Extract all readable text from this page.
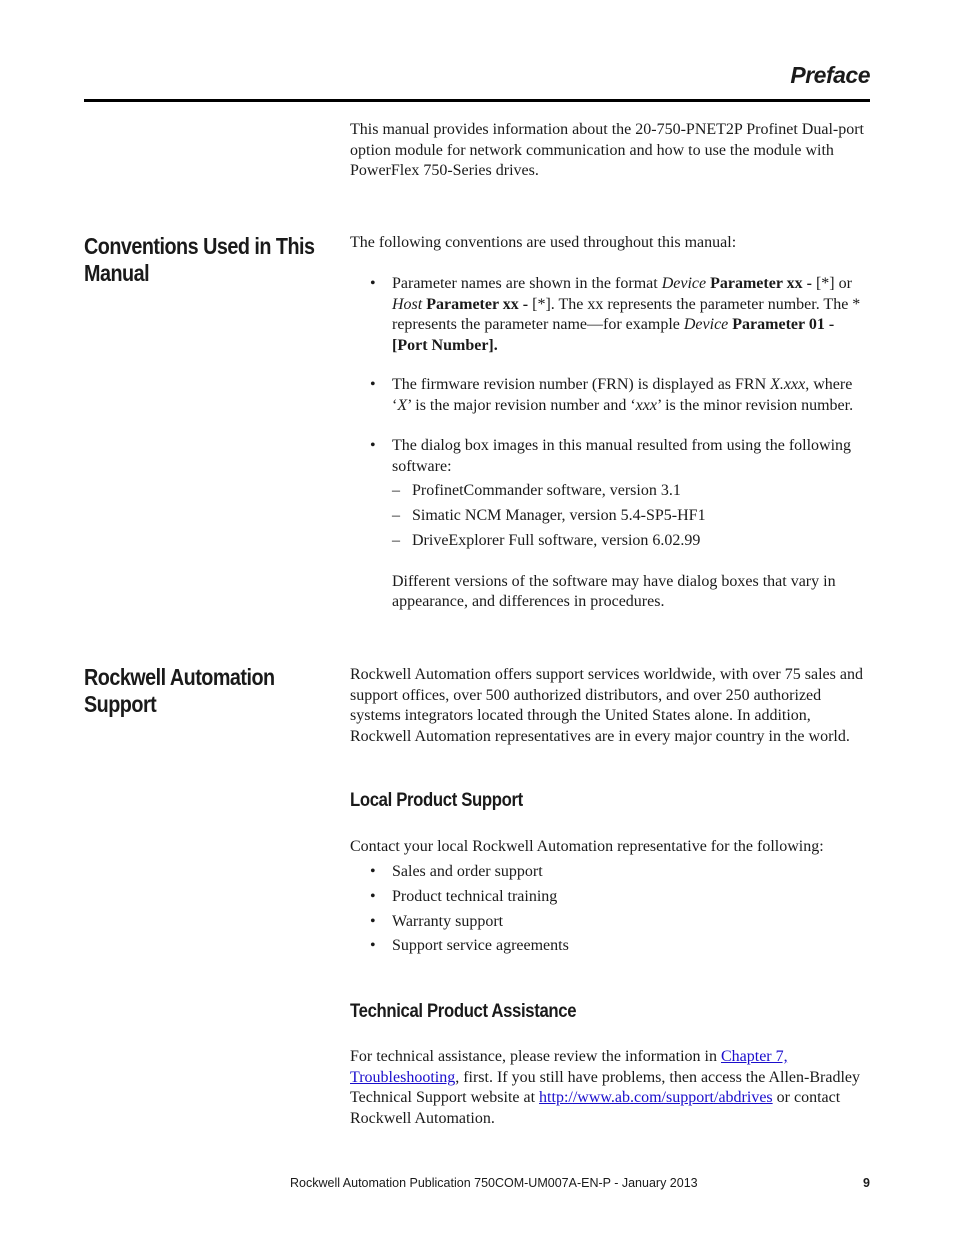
Preface
This manual provides information about the 20-750-PNET2P Profinet Dual-port option module for network communication and how to use the module with PowerFlex 750-Series drives.
Conventions Used in This
Manual
The following conventions are used throughout this manual:
• Parameter names are shown in the format Device Parameter xx - [*] or Host Parameter xx - [*]. The xx represents the parameter number. The * represents the parameter name—for example Device Parameter 01 - [Port Number].
• The firmware revision number (FRN) is displayed as FRN X.xxx, where ‘X’ is the major revision number and ‘xxx’ is the minor revision number.
• The dialog box images in this manual resulted from using the following software:
– ProfinetCommander software, version 3.1
– Simatic NCM Manager, version 5.4-SP5-HF1
– DriveExplorer Full software, version 6.02.99
Different versions of the software may have dialog boxes that vary in appearance, and differences in procedures.
Rockwell Automation
Support
Rockwell Automation offers support services worldwide, with over 75 sales and support offices, over 500 authorized distributors, and over 250 authorized systems integrators located through the United States alone. In addition, Rockwell Automation representatives are in every major country in the world.
Local Product Support
Contact your local Rockwell Automation representative for the following:
• Sales and order support
• Product technical training
• Warranty support
• Support service agreements
Technical Product Assistance
For technical assistance, please review the information in Chapter 7, Troubleshooting, first. If you still have problems, then access the Allen-Bradley Technical Support website at http://www.ab.com/support/abdrives or contact Rockwell Automation.
Rockwell Automation Publication 750COM-UM007A-EN-P - January 2013	9
